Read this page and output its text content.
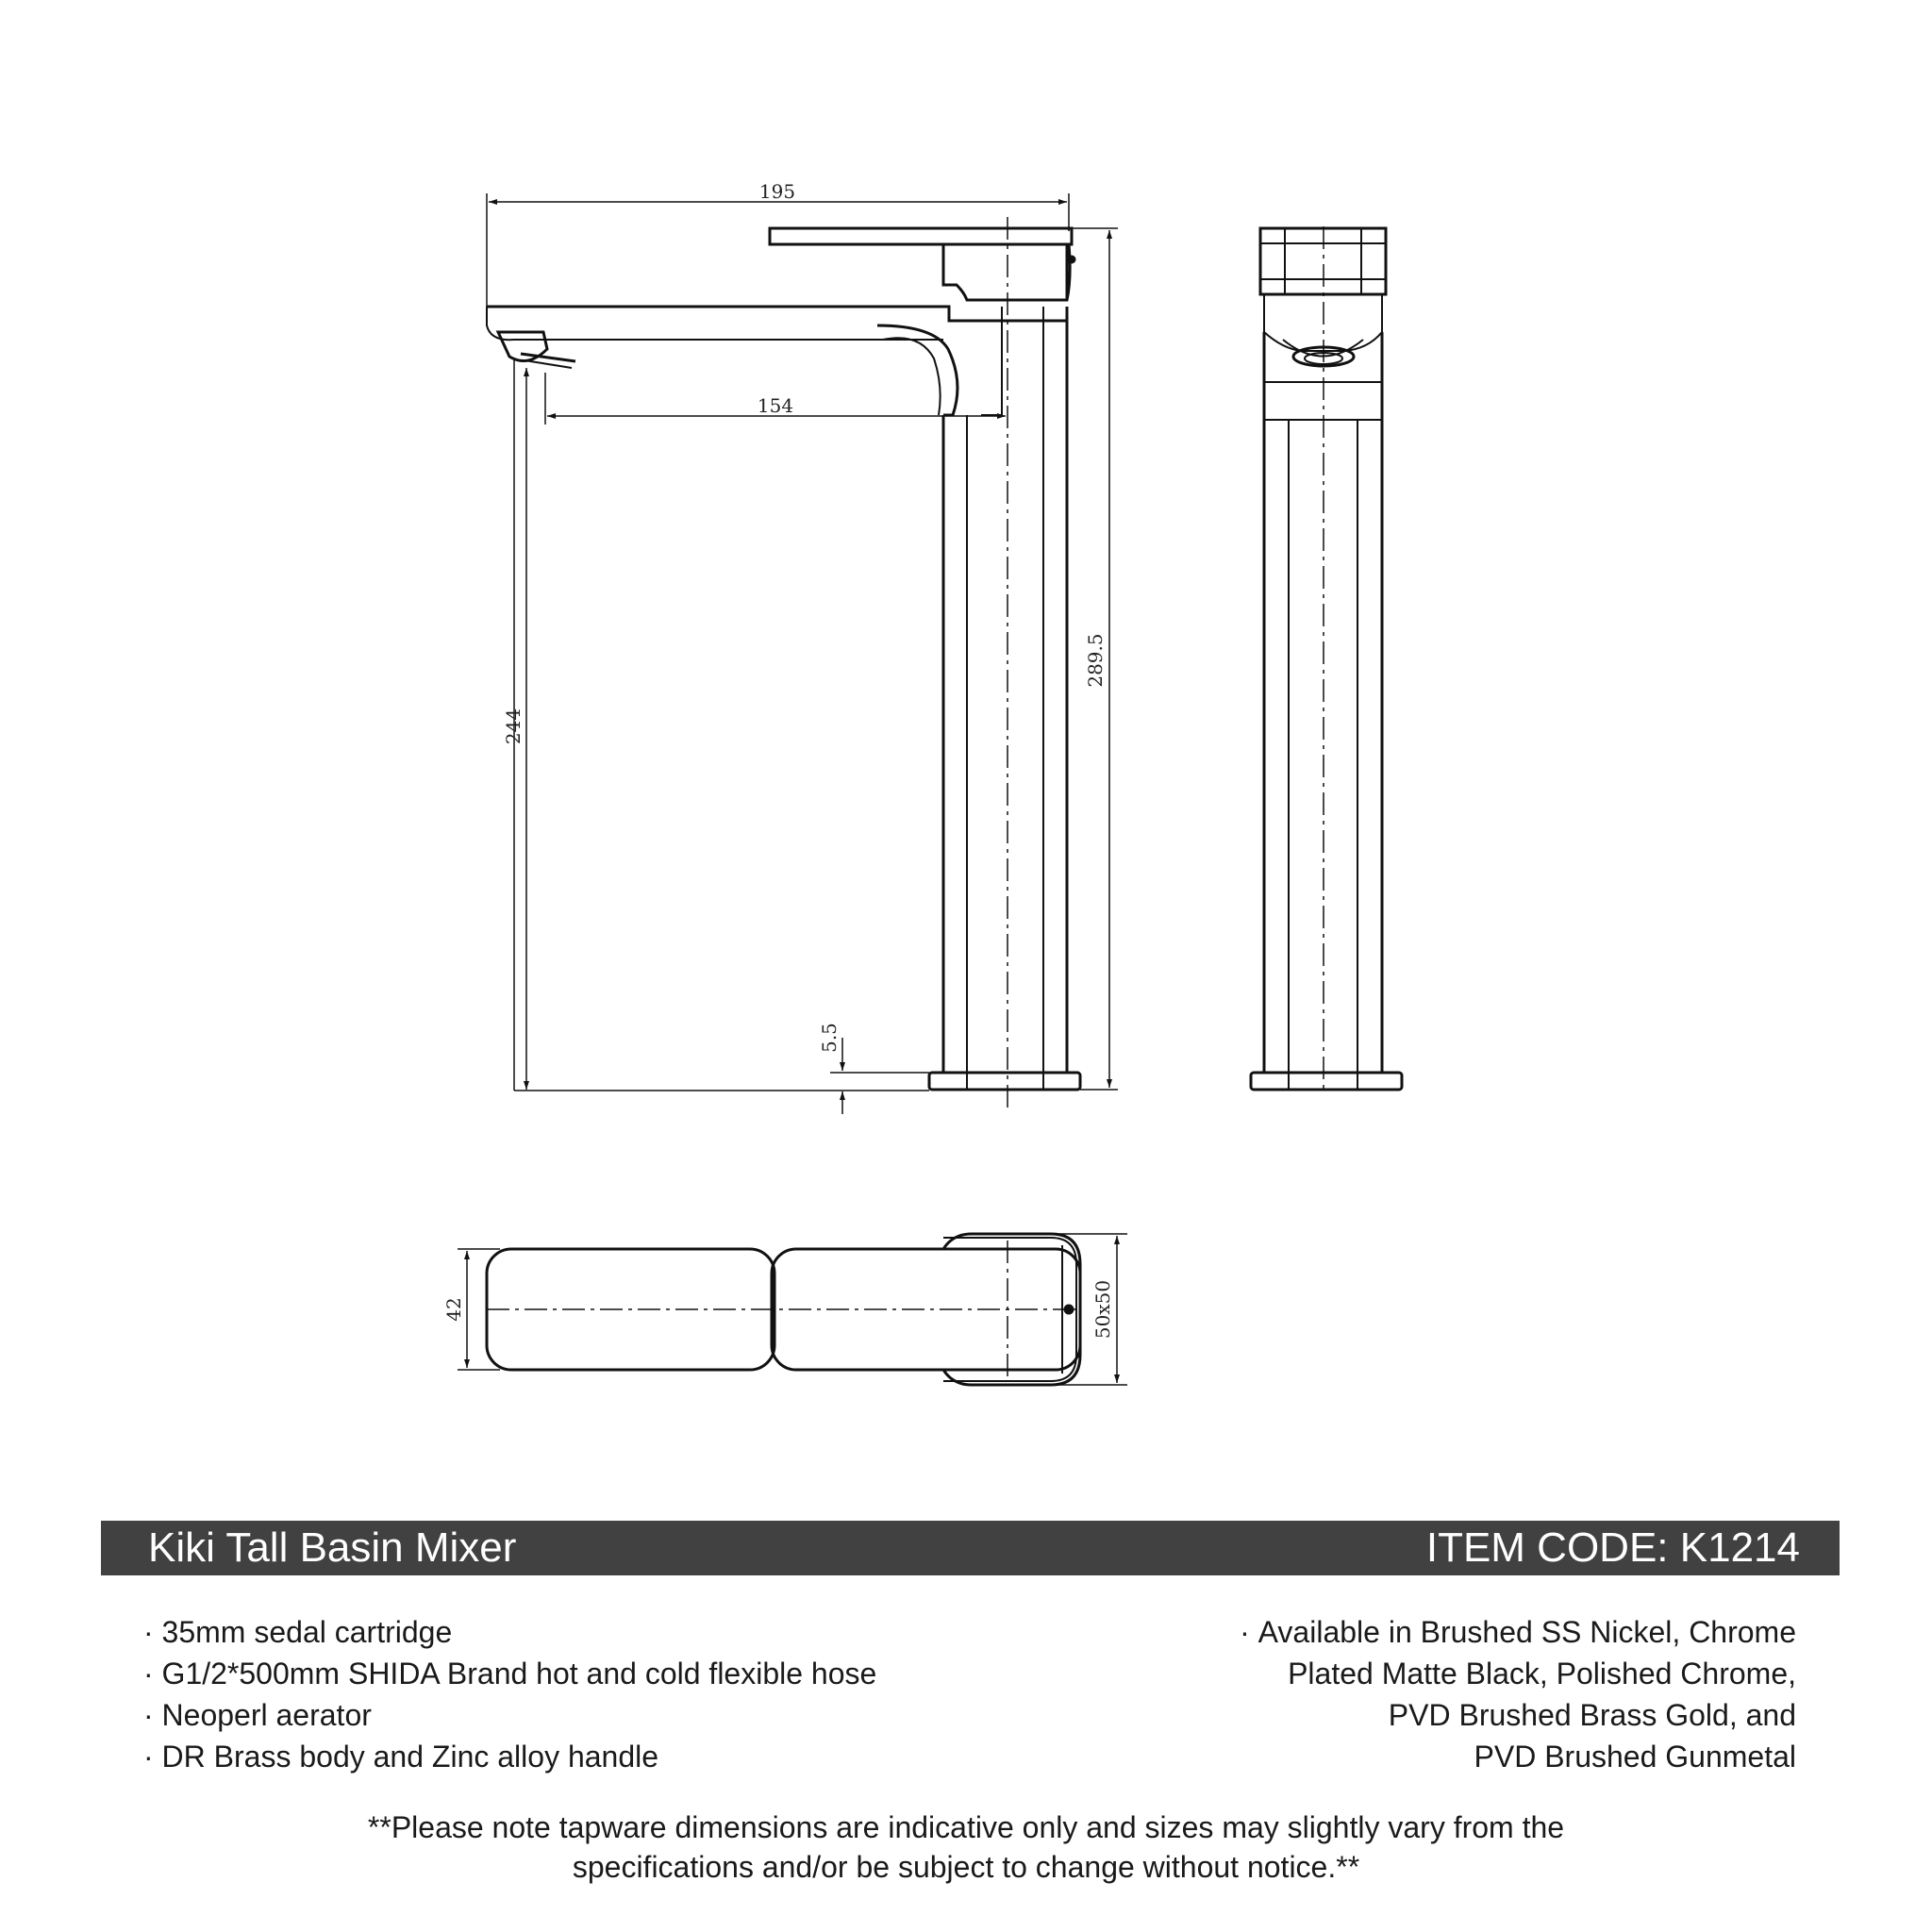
195
154
244
289.5
5.5
42	50x50
Kiki Tall Basin Mixer	ITEM CODE: K1214
· 35mm sedal cartridge
· G1/2*500mm SHIDA Brand hot and cold flexible hose
· Neoperl aerator
· DR Brass body and Zinc alloy handle
· Available in Brushed SS Nickel, Chrome
Plated Matte Black, Polished Chrome,
PVD Brushed Brass Gold, and
PVD Brushed Gunmetal
**Please note tapware dimensions are indicative only and sizes may slightly vary from the
specifications and/or be subject to change without notice.**
